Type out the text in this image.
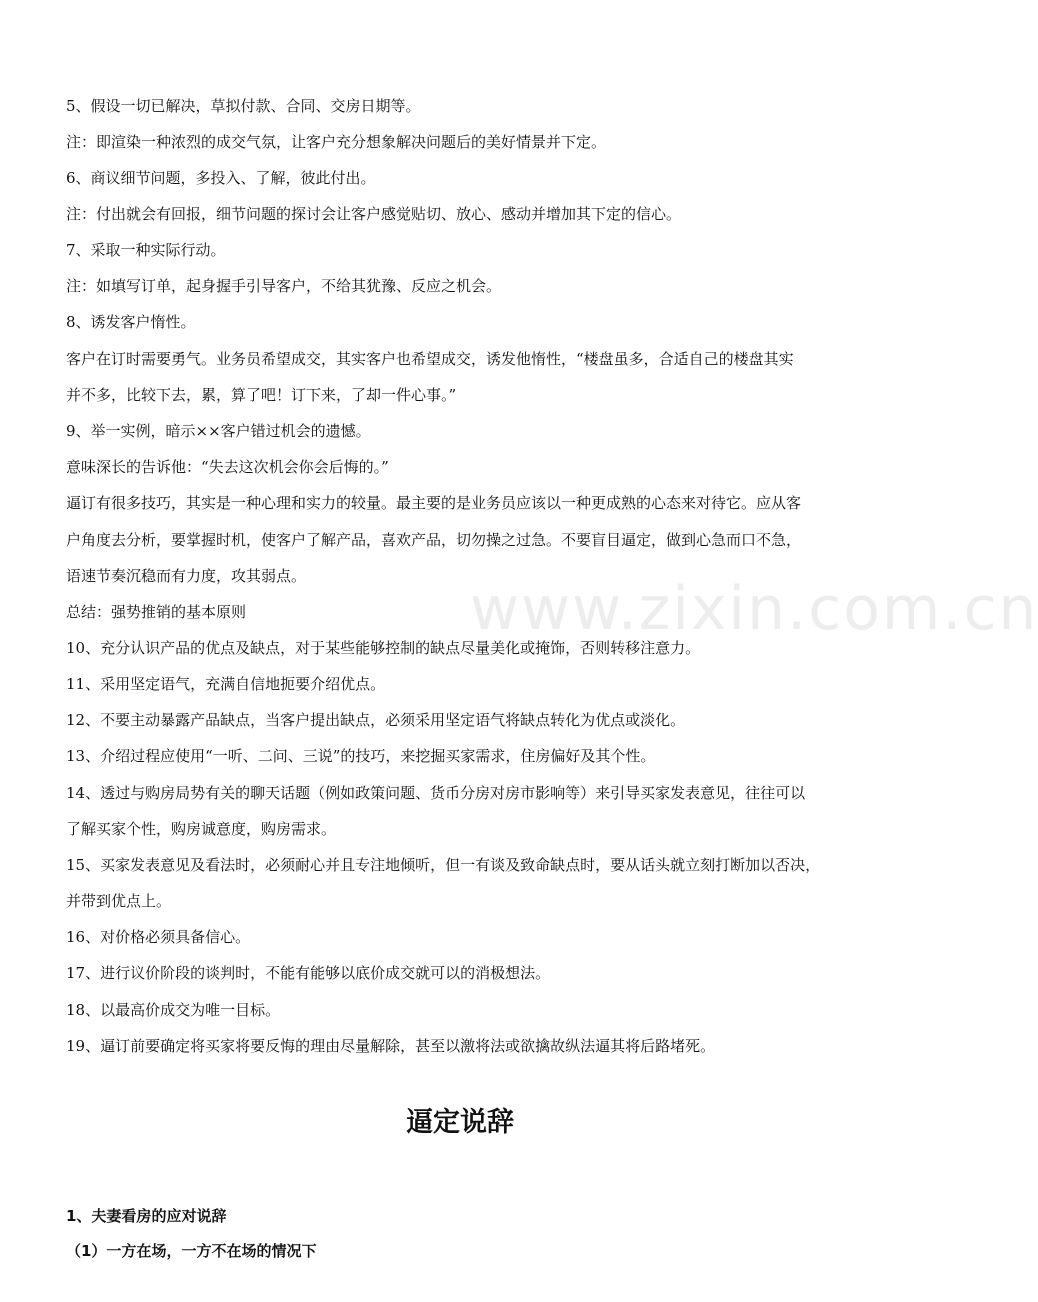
www.zixin.com.cn
5、假设一切已解决，草拟付款、合同、交房日期等。
注：即渲染一种浓烈的成交气氛，让客户充分想象解决问题后的美好情景并下定。
6、商议细节问题，多投入、了解，彼此付出。
注：付出就会有回报，细节问题的探讨会让客户感觉贴切、放心、感动并增加其下定的信心。
7、采取一种实际行动。
注：如填写订单，起身握手引导客户，不给其犹豫、反应之机会。
8、诱发客户惰性。
客户在订时需要勇气。业务员希望成交，其实客户也希望成交，诱发他惰性，“楼盘虽多，合适自己的楼盘其实
并不多，比较下去，累，算了吧！订下来，了却一件心事。”
9、举一实例，暗示××客户错过机会的遗憾。
意味深长的告诉他：“失去这次机会你会后悔的。”
逼订有很多技巧，其实是一种心理和实力的较量。最主要的是业务员应该以一种更成熟的心态来对待它。应从客
户角度去分析，要掌握时机，使客户了解产品，喜欢产品，切勿操之过急。不要盲目逼定，做到心急而口不急，
语速节奏沉稳而有力度，攻其弱点。
总结：强势推销的基本原则
10、充分认识产品的优点及缺点，对于某些能够控制的缺点尽量美化或掩饰，否则转移注意力。
11、采用坚定语气，充满自信地扼要介绍优点。
12、不要主动暴露产品缺点，当客户提出缺点，必须采用坚定语气将缺点转化为优点或淡化。
13、介绍过程应使用“一听、二问、三说”的技巧，来挖掘买家需求，住房偏好及其个性。
14、透过与购房局势有关的聊天话题（例如政策问题、货币分房对房市影响等）来引导买家发表意见，往往可以
了解买家个性，购房诚意度，购房需求。
15、买家发表意见及看法时，必须耐心并且专注地倾听，但一有谈及致命缺点时，要从话头就立刻打断加以否决，
并带到优点上。
16、对价格必须具备信心。
17、进行议价阶段的谈判时，不能有能够以底价成交就可以的消极想法。
18、以最高价成交为唯一目标。
19、逼订前要确定将买家将要反悔的理由尽量解除，甚至以激将法或欲擒故纵法逼其将后路堵死。
逼定说辞
1、夫妻看房的应对说辞
（1）一方在场，一方不在场的情况下
